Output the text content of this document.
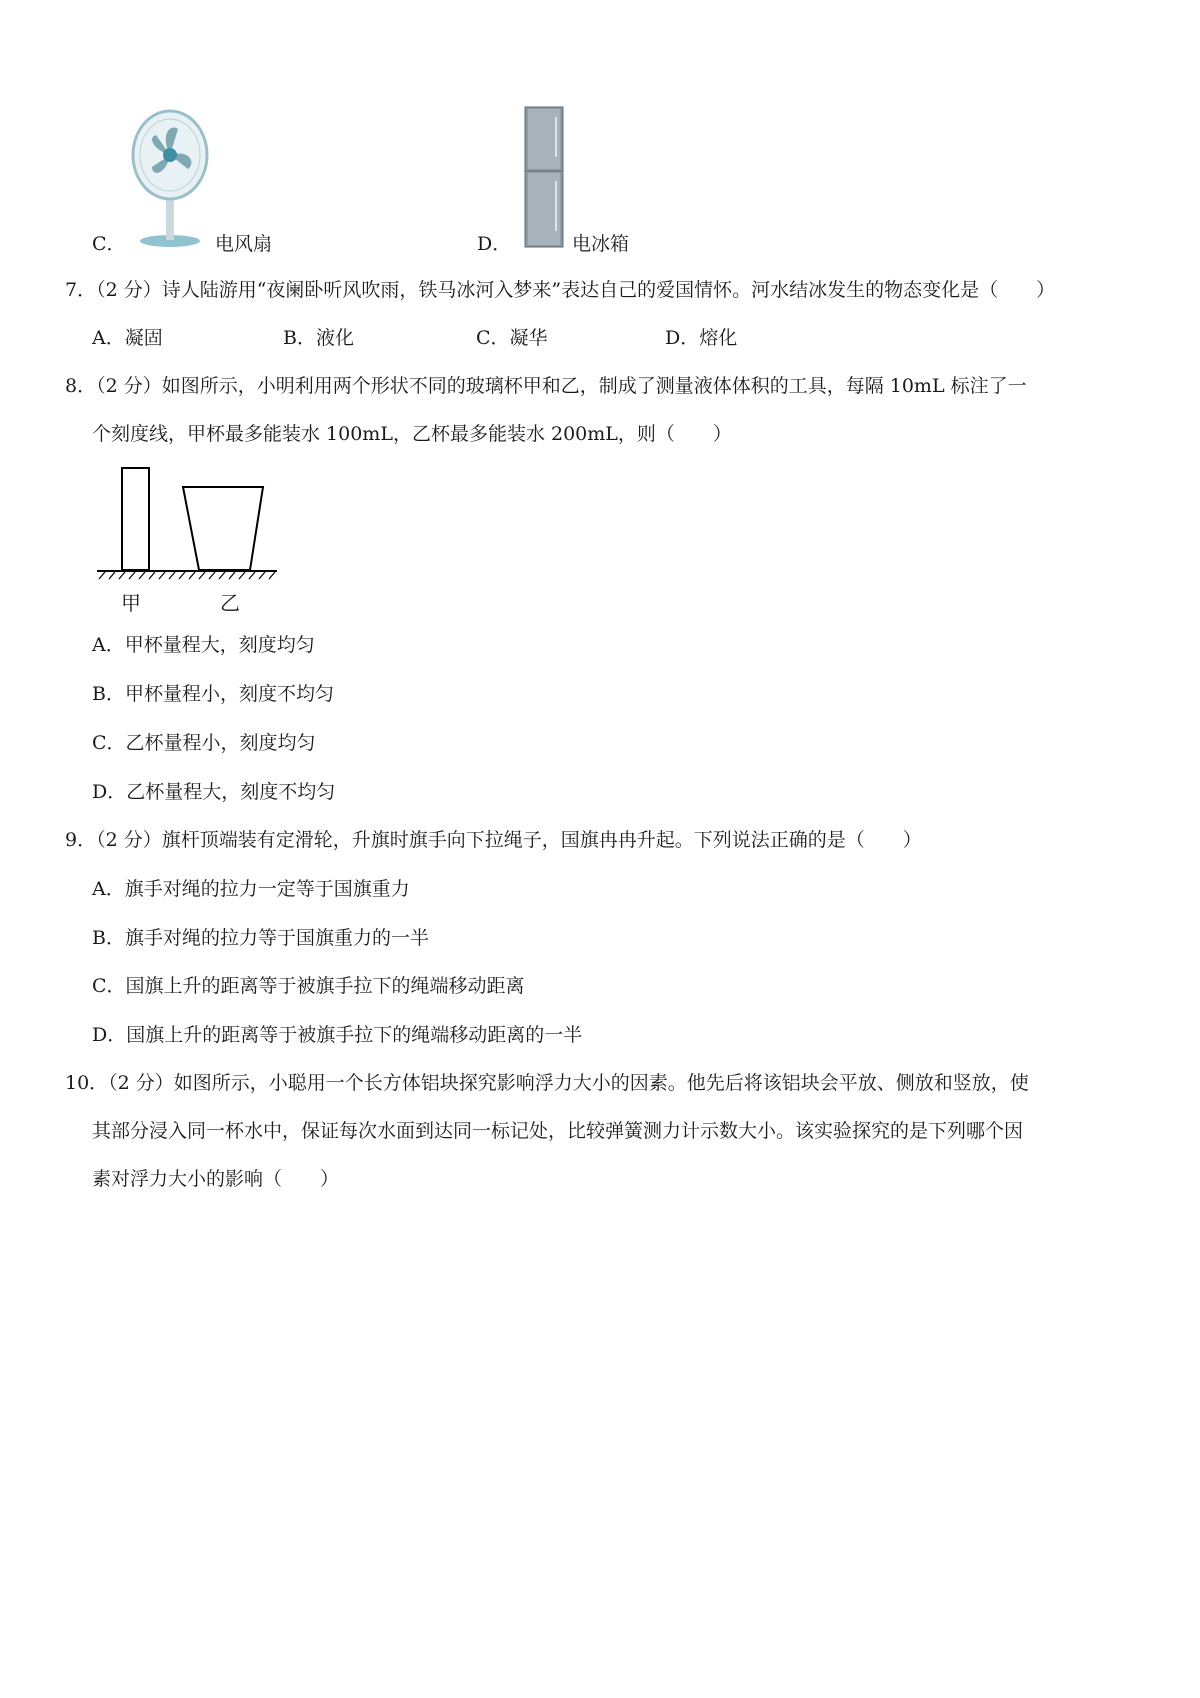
C．	电风扇	D．	电冰箱
7．（2 分）诗人陆游用“夜阑卧听风吹雨，铁马冰河入梦来”表达自己的爱国情怀。河水结冰发生的物态变化是（　　）
A．凝固	B．液化	C．凝华	D．熔化
8．（2 分）如图所示，小明利用两个形状不同的玻璃杯甲和乙，制成了测量液体体积的工具，每隔 10mL 标注了一
个刻度线，甲杯最多能装水 100mL，乙杯最多能装水 200mL，则（　　）
甲	乙
A．甲杯量程大，刻度均匀
B．甲杯量程小，刻度不均匀
C．乙杯量程小，刻度均匀
D．乙杯量程大，刻度不均匀
9．（2 分）旗杆顶端装有定滑轮，升旗时旗手向下拉绳子，国旗冉冉升起。下列说法正确的是（　　）
A．旗手对绳的拉力一定等于国旗重力
B．旗手对绳的拉力等于国旗重力的一半
C．国旗上升的距离等于被旗手拉下的绳端移动距离
D．国旗上升的距离等于被旗手拉下的绳端移动距离的一半
10．（2 分）如图所示，小聪用一个长方体铝块探究影响浮力大小的因素。他先后将该铝块会平放、侧放和竖放，使
其部分浸入同一杯水中，保证每次水面到达同一标记处，比较弹簧测力计示数大小。该实验探究的是下列哪个因
素对浮力大小的影响（　　）
